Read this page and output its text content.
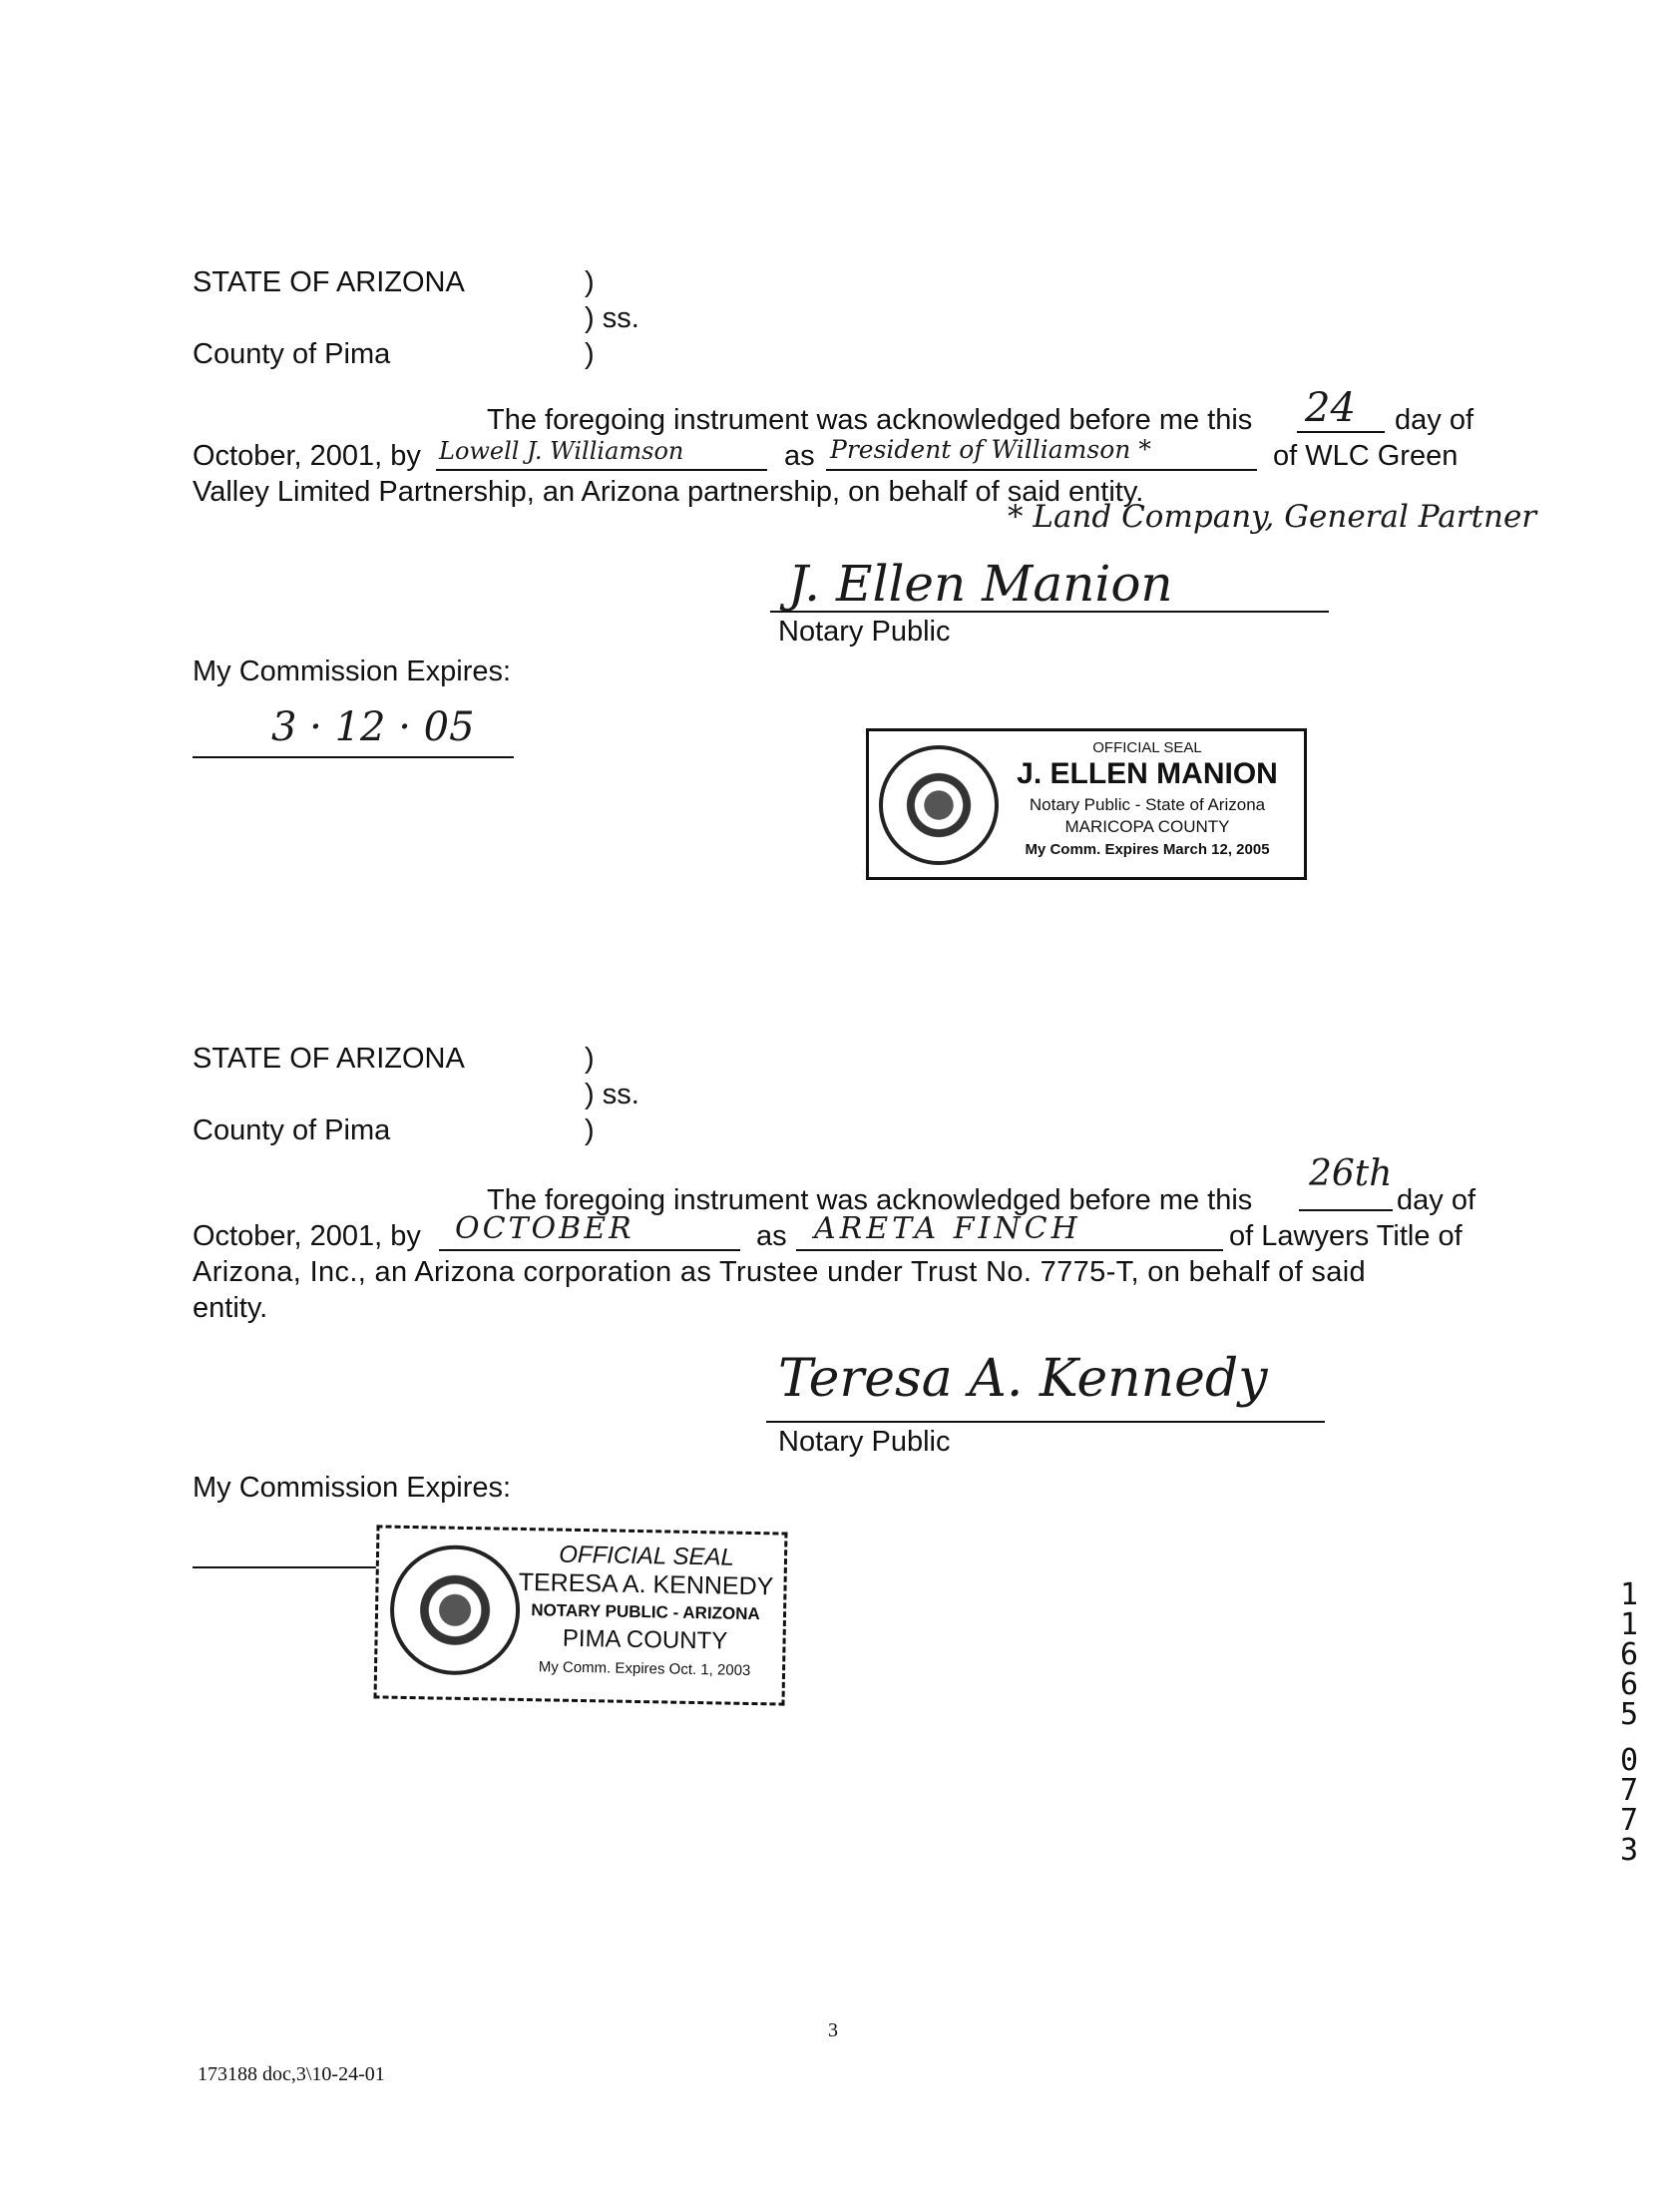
STATE OF ARIZONA	)
) ss.
County of Pima	)
The foregoing instrument was acknowledged before me this 24 day of
October, 2001, by Lowell J. Williamson	as President of Williamson *	of WLC Green
Valley Limited Partnership, an Arizona partnership, on behalf of said entity.
* Land Company, General Partner
J. Ellen Manion
Notary Public
My Commission Expires:
3 · 12 · 05	OFFICIAL SEAL
J. ELLEN MANION
Notary Public - State of Arizona
MARICOPA COUNTY
My Comm. Expires March 12, 2005
STATE OF ARIZONA	)
) ss.
County of Pima	)
The foregoing instrument was acknowledged before me this
26th
day of
October, 2001, by OCTOBER	as ARETA FINCH	of Lawyers Title of
Arizona, Inc., an Arizona corporation as Trustee under Trust No. 7775-T, on behalf of said
entity.
Teresa A. Kennedy
Notary Public
My Commission Expires:
OFFICIAL SEAL
TERESA A. KENNEDY
NOTARY PUBLIC - ARIZONA
PIMA COUNTY
My Comm. Expires Oct. 1, 2003
1
1
6
6
5
0
7
7
3
3
173188 doc,3\10-24-01
